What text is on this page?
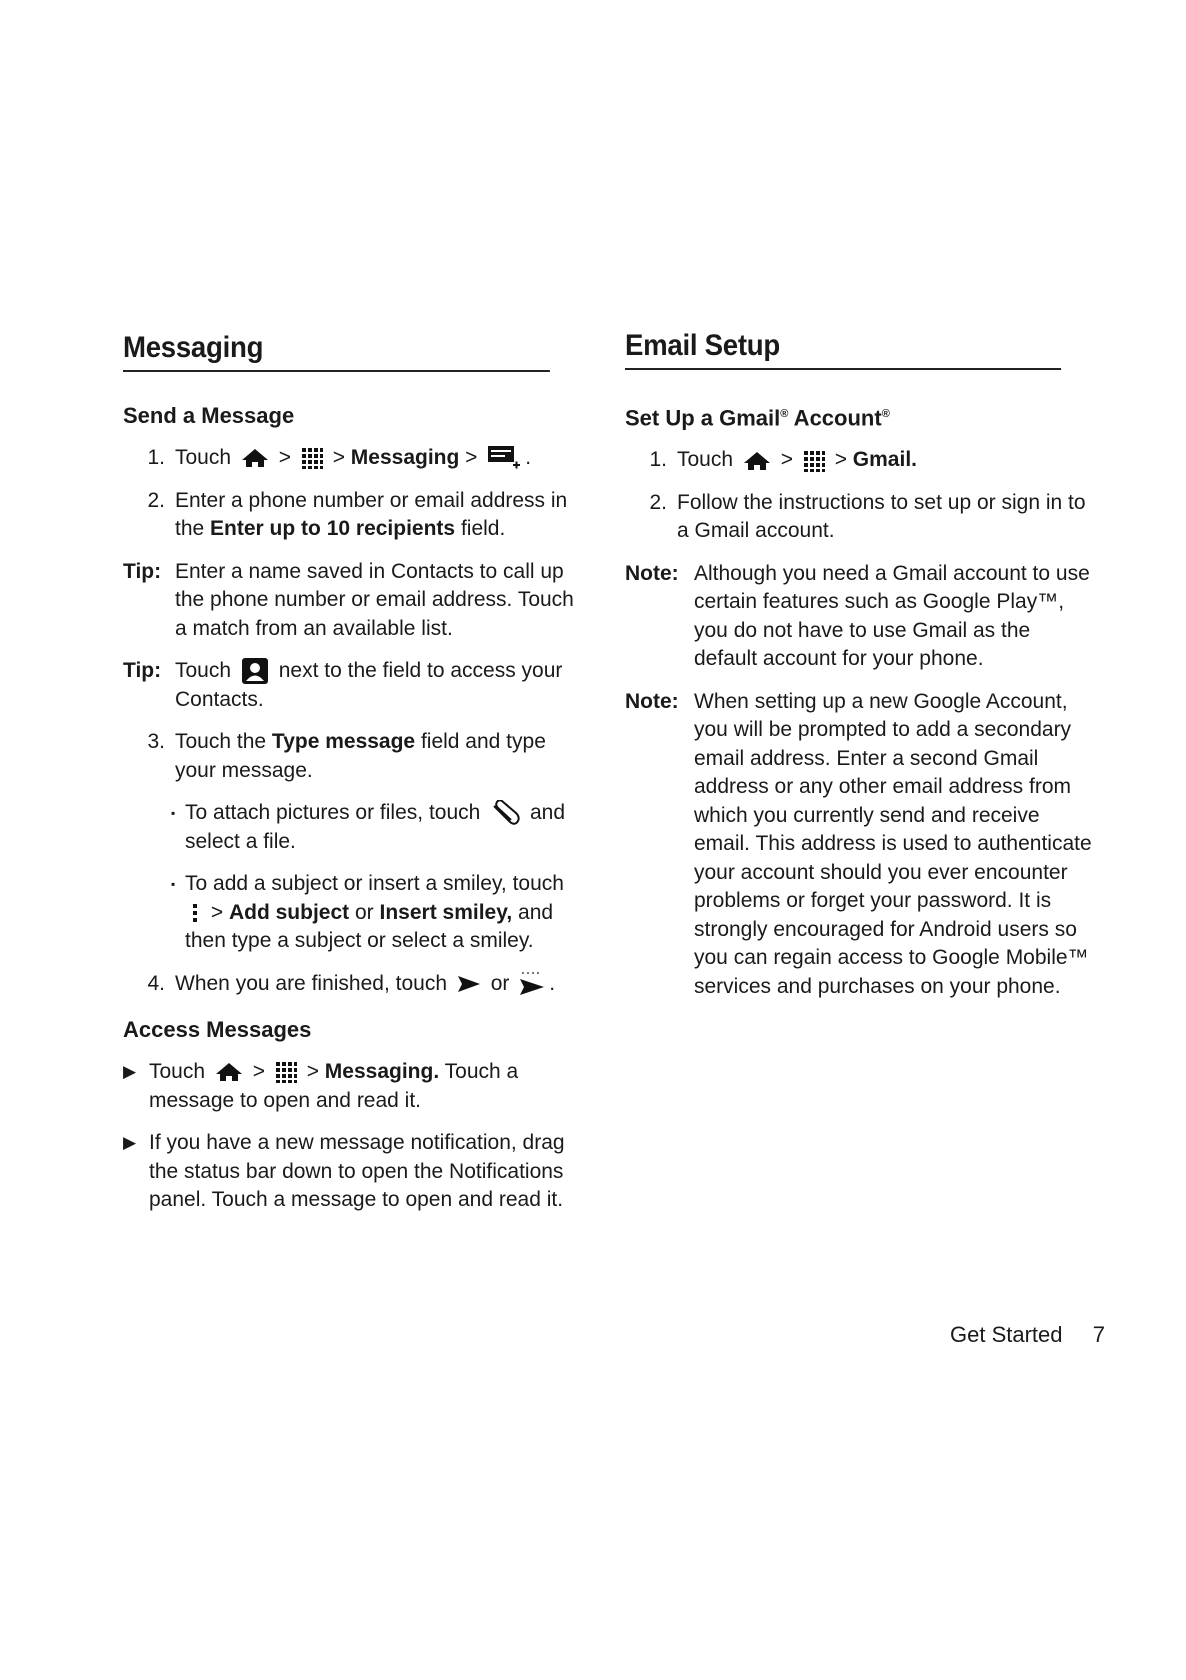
Messaging
Send a Message
1. Touch > > Messaging > .
2. Enter a phone number or email address in the Enter up to 10 recipients field.
Tip: Enter a name saved in Contacts to call up the phone number or email address. Touch a match from an available list.
Tip: Touch next to the field to access your Contacts.
3. Touch the Type message field and type your message.
▪ To attach pictures or files, touch and select a file.
▪ To add a subject or insert a smiley, touch
> Add subject or Insert smiley, and then type a subject or select a smiley.
4. When you are finished, touch or .
Access Messages
▶ Touch > > Messaging. Touch a message to open and read it.
▶ If you have a new message notification, drag the status bar down to open the Notifications panel. Touch a message to open and read it.
Email Setup
Set Up a Gmail® Account®
1. Touch > > Gmail.
2. Follow the instructions to set up or sign in to a Gmail account.
Note: Although you need a Gmail account to use certain features such as Google Play™, you do not have to use Gmail as the default account for your phone.
Note: When setting up a new Google Account, you will be prompted to add a secondary email address. Enter a second Gmail address or any other email address from which you currently send and receive email. This address is used to authenticate your account should you ever encounter problems or forget your password. It is strongly encouraged for Android users so you can regain access to Google Mobile™ services and purchases on your phone.
Get Started 7
